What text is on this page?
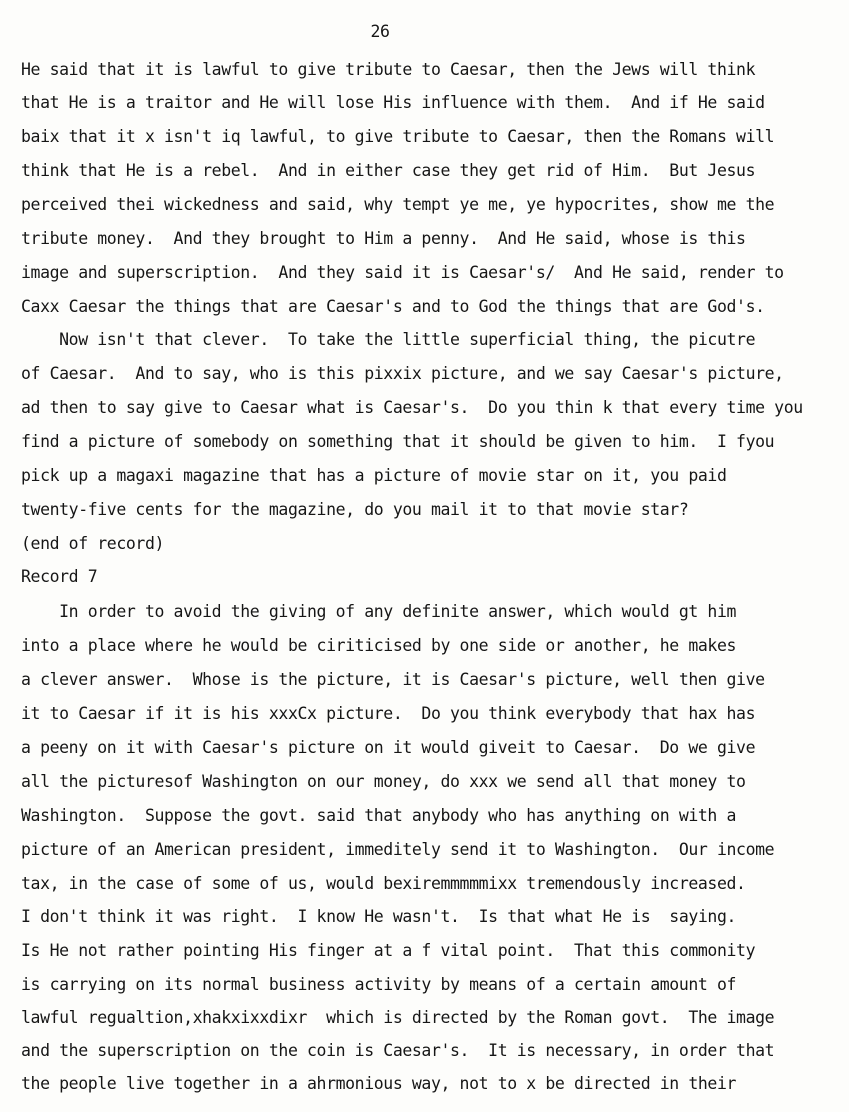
26
He said that it is lawful to give tribute to Caesar, then the Jews will think
that He is a traitor and He will lose His influence with them.  And if He said
baix that it x isn't iq lawful, to give tribute to Caesar, then the Romans will
think that He is a rebel.  And in either case they get rid of Him.  But Jesus
perceived thei wickedness and said, why tempt ye me, ye hypocrites, show me the
tribute money.  And they brought to Him a penny.  And He said, whose is this
image and superscription.  And they said it is Caesar's/  And He said, render to
Caxx Caesar the things that are Caesar's and to God the things that are God's.
Now isn't that clever.  To take the little superficial thing, the picutre
of Caesar.  And to say, who is this pixxix picture, and we say Caesar's picture,
ad then to say give to Caesar what is Caesar's.  Do you thin k that every time you
find a picture of somebody on something that it should be given to him.  I fyou
pick up a magaxi magazine that has a picture of movie star on it, you paid
twenty-five cents for the magazine, do you mail it to that movie star?
(end of record)
Record 7
In order to avoid the giving of any definite answer, which would gt him
into a place where he would be ciriticised by one side or another, he makes
a clever answer.  Whose is the picture, it is Caesar's picture, well then give
it to Caesar if it is his xxxCx picture.  Do you think everybody that hax has
a peeny on it with Caesar's picture on it would giveit to Caesar.  Do we give
all the picturesof Washington on our money, do xxx we send all that money to
Washington.  Suppose the govt. said that anybody who has anything on with a
picture of an American president, immeditely send it to Washington.  Our income
tax, in the case of some of us, would bexiremmmmmixx tremendously increased.
I don't think it was right.  I know He wasn't.  Is that what He is  saying.
Is He not rather pointing His finger at a f vital point.  That this commonity
is carrying on its normal business activity by means of a certain amount of
lawful regualtion,xhakxixxdixr  which is directed by the Roman govt.  The image
and the superscription on the coin is Caesar's.  It is necessary, in order that
the people live together in a ahrmonious way, not to x be directed in their
